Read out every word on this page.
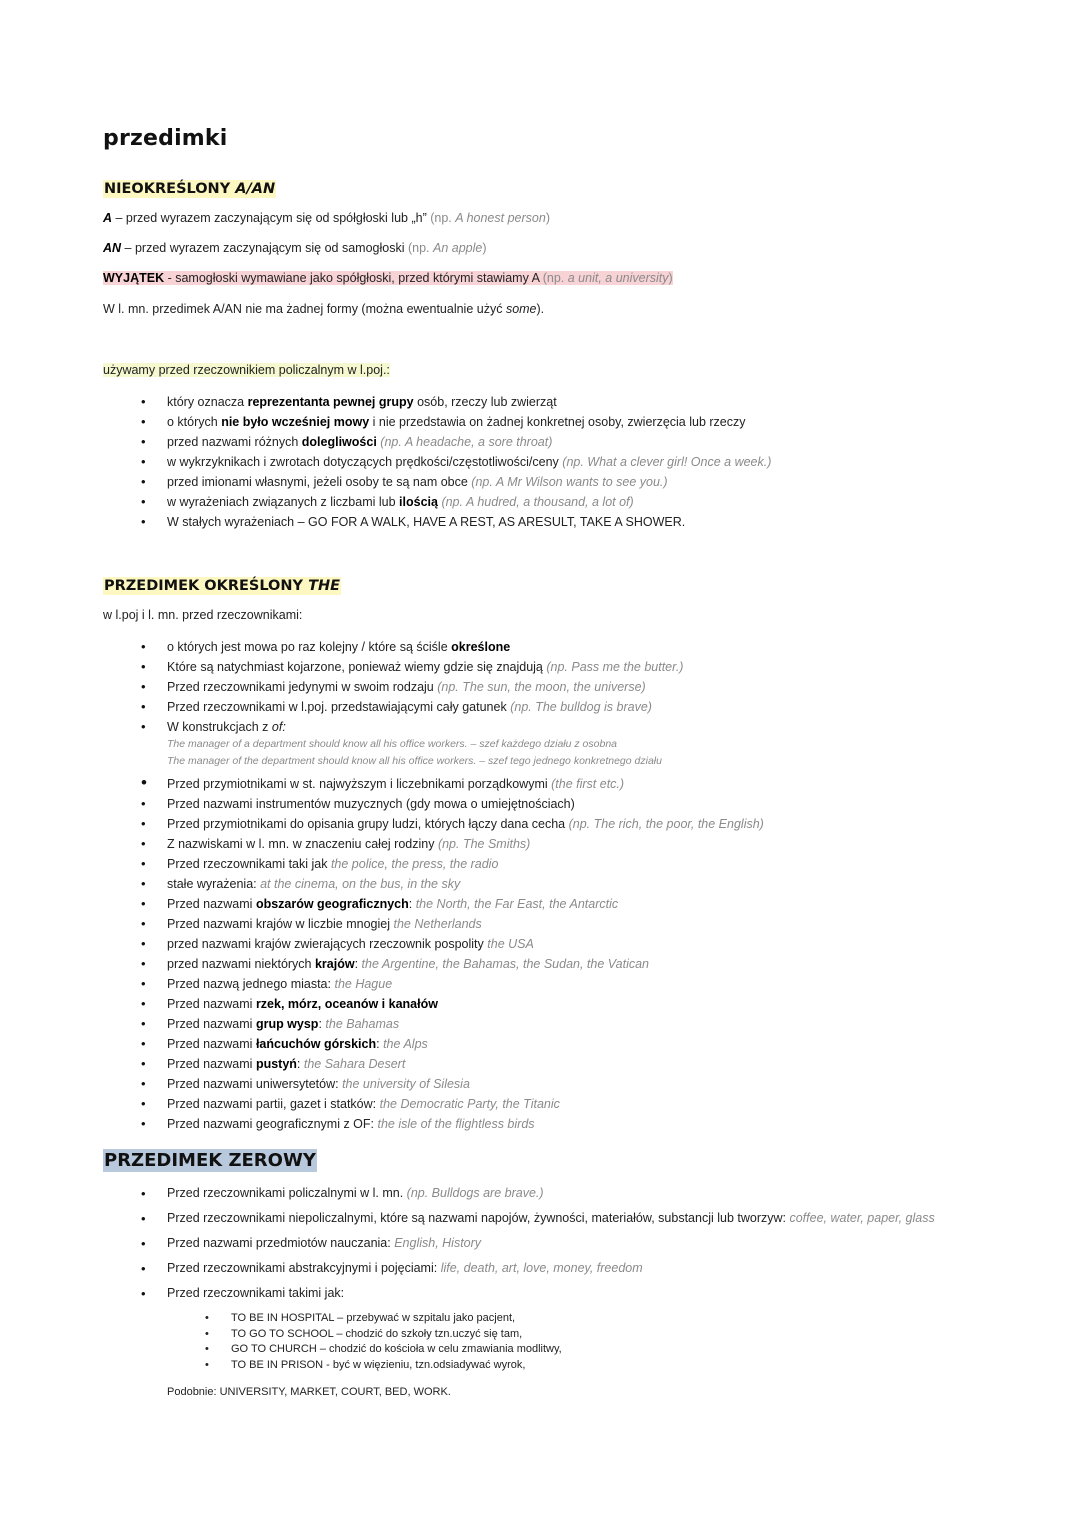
przedimki
NIEOKREŚLONY A/AN
A – przed wyrazem zaczynającym się od spółgłoski lub „h” (np. A honest person)
AN – przed wyrazem zaczynającym się od samogłoski (np. An apple)
WYJĄTEK - samogłoski wymawiane jako spółgłoski, przed którymi stawiamy A (np. a unit, a university)
W l. mn. przedimek A/AN nie ma żadnej formy (można ewentualnie użyć some).
używamy przed rzeczownikiem policzalnym w l.poj.:
• który oznacza reprezentanta pewnej grupy osób, rzeczy lub zwierząt
• o których nie było wcześniej mowy i nie przedstawia on żadnej konkretnej osoby, zwierzęcia lub rzeczy
• przed nazwami różnych dolegliwości (np. A headache, a sore throat)
• w wykrzyknikach i zwrotach dotyczących prędkości/częstotliwości/ceny (np. What a clever girl! Once a week.)
• przed imionami własnymi, jeżeli osoby te są nam obce (np. A Mr Wilson wants to see you.)
• w wyrażeniach związanych z liczbami lub ilością (np. A hudred, a thousand, a lot of)
• W stałych wyrażeniach – GO FOR A WALK, HAVE A REST, AS ARESULT, TAKE A SHOWER.
PRZEDIMEK OKREŚLONY THE
w l.poj i l. mn. przed rzeczownikami:
• o których jest mowa po raz kolejny / które są ściśle określone
• Które są natychmiast kojarzone, ponieważ wiemy gdzie się znajdują (np. Pass me the butter.)
• Przed rzeczownikami jedynymi w swoim rodzaju (np. The sun, the moon, the universe)
• Przed rzeczownikami w l.poj. przedstawiającymi cały gatunek (np. The bulldog is brave)
• W konstrukcjach z of:
The manager of a department should know all his office workers. – szef każdego działu z osobna
The manager of the department should know all his office workers. – szef tego jednego konkretnego działu
• Przed przymiotnikami w st. najwyższym i liczebnikami porządkowymi (the first etc.)
• Przed nazwami instrumentów muzycznych (gdy mowa o umiejętnościach)
• Przed przymiotnikami do opisania grupy ludzi, których łączy dana cecha (np. The rich, the poor, the English)
• Z nazwiskami w l. mn. w znaczeniu całej rodziny (np. The Smiths)
• Przed rzeczownikami taki jak the police, the press, the radio
• stałe wyrażenia: at the cinema, on the bus, in the sky
• Przed nazwami obszarów geograficznych: the North, the Far East, the Antarctic
• Przed nazwami krajów w liczbie mnogiej the Netherlands
• przed nazwami krajów zwierających rzeczownik pospolity the USA
• przed nazwami niektórych krajów: the Argentine, the Bahamas, the Sudan, the Vatican
• Przed nazwą jednego miasta: the Hague
• Przed nazwami rzek, mórz, oceanów i kanałów
• Przed nazwami grup wysp: the Bahamas
• Przed nazwami łańcuchów górskich: the Alps
• Przed nazwami pustyń: the Sahara Desert
• Przed nazwami uniwersytetów: the university of Silesia
• Przed nazwami partii, gazet i statków: the Democratic Party, the Titanic
• Przed nazwami geograficznymi z OF: the isle of the flightless birds
PRZEDIMEK ZEROWY
• Przed rzeczownikami policzalnymi w l. mn. (np. Bulldogs are brave.)
• Przed rzeczownikami niepoliczalnymi, które są nazwami napojów, żywności, materiałów, substancji lub tworzyw: coffee, water, paper, glass
• Przed nazwami przedmiotów nauczania: English, History
• Przed rzeczownikami abstrakcyjnymi i pojęciami: life, death, art, love, money, freedom
• Przed rzeczownikami takimi jak:
• TO BE IN HOSPITAL – przebywać w szpitalu jako pacjent,
• TO GO TO SCHOOL – chodzić do szkoły tzn.uczyć się tam,
• GO TO CHURCH – chodzić do kościoła w celu zmawiania modlitwy,
• TO BE IN PRISON - być w więzieniu, tzn.odsiadywać wyrok,
Podobnie: UNIVERSITY, MARKET, COURT, BED, WORK.
